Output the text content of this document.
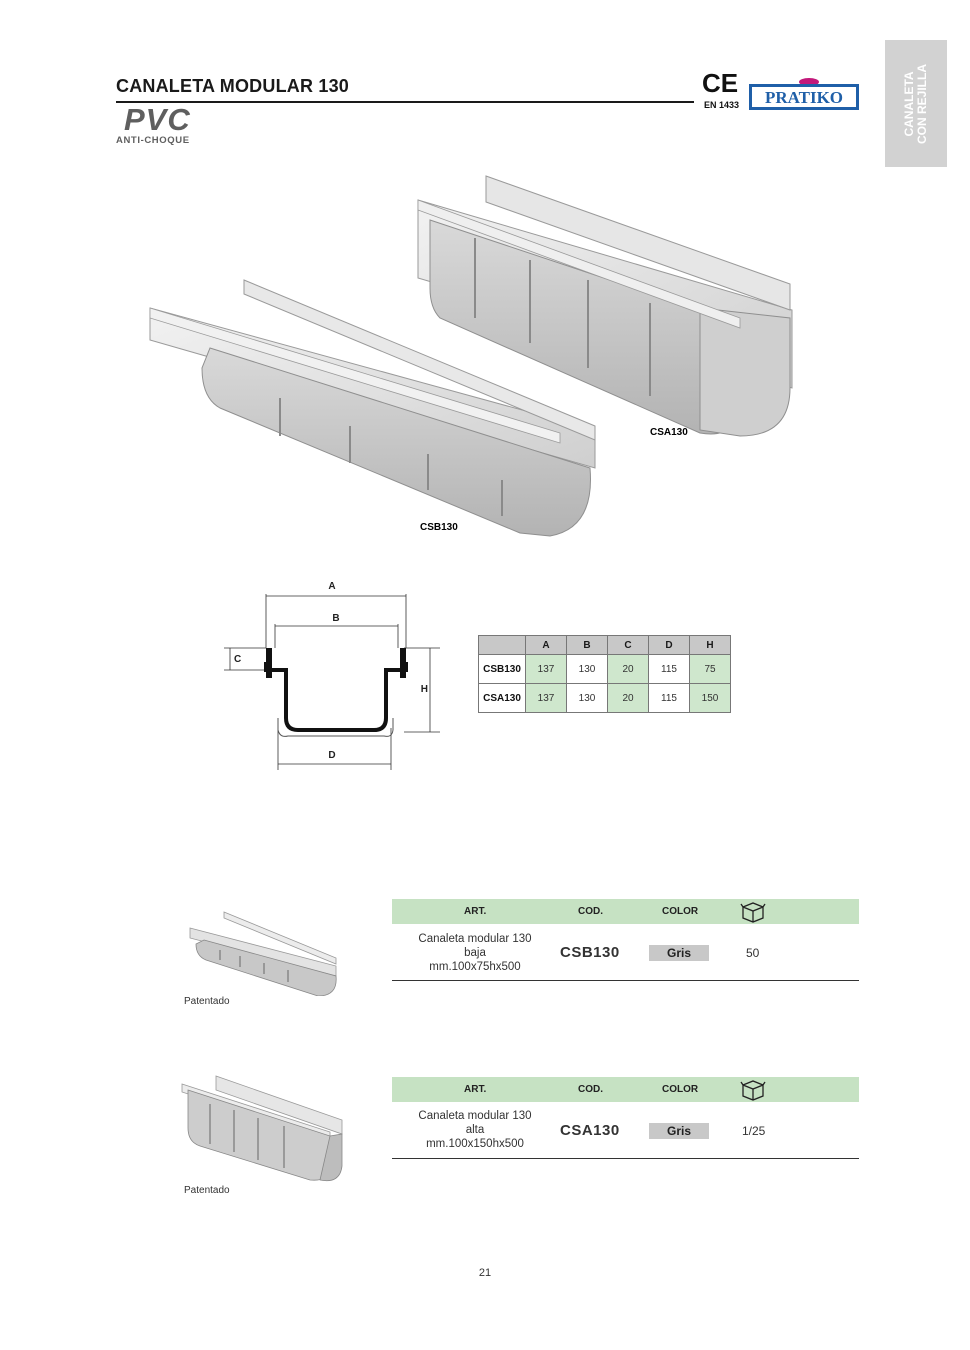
CANALETA MODULAR 130
PVC
ANTI-CHOQUE
CE
EN 1433 PRATIKO	CANALETA CON REJILLA
CSA130
CSB130
A
B
C
H
D
	A	B	C	D	H
CSB130	137	130	20	115	75
CSA130	137	130	20	115	150
Patentado
ART.	COD.	COLOR
Canaleta modular 130
baja
mm.100x75hx500
CSB130	Gris	50
Patentado
ART.	COD.	COLOR
Canaleta modular 130
alta
mm.100x150hx500
CSA130	Gris	1/25
21
